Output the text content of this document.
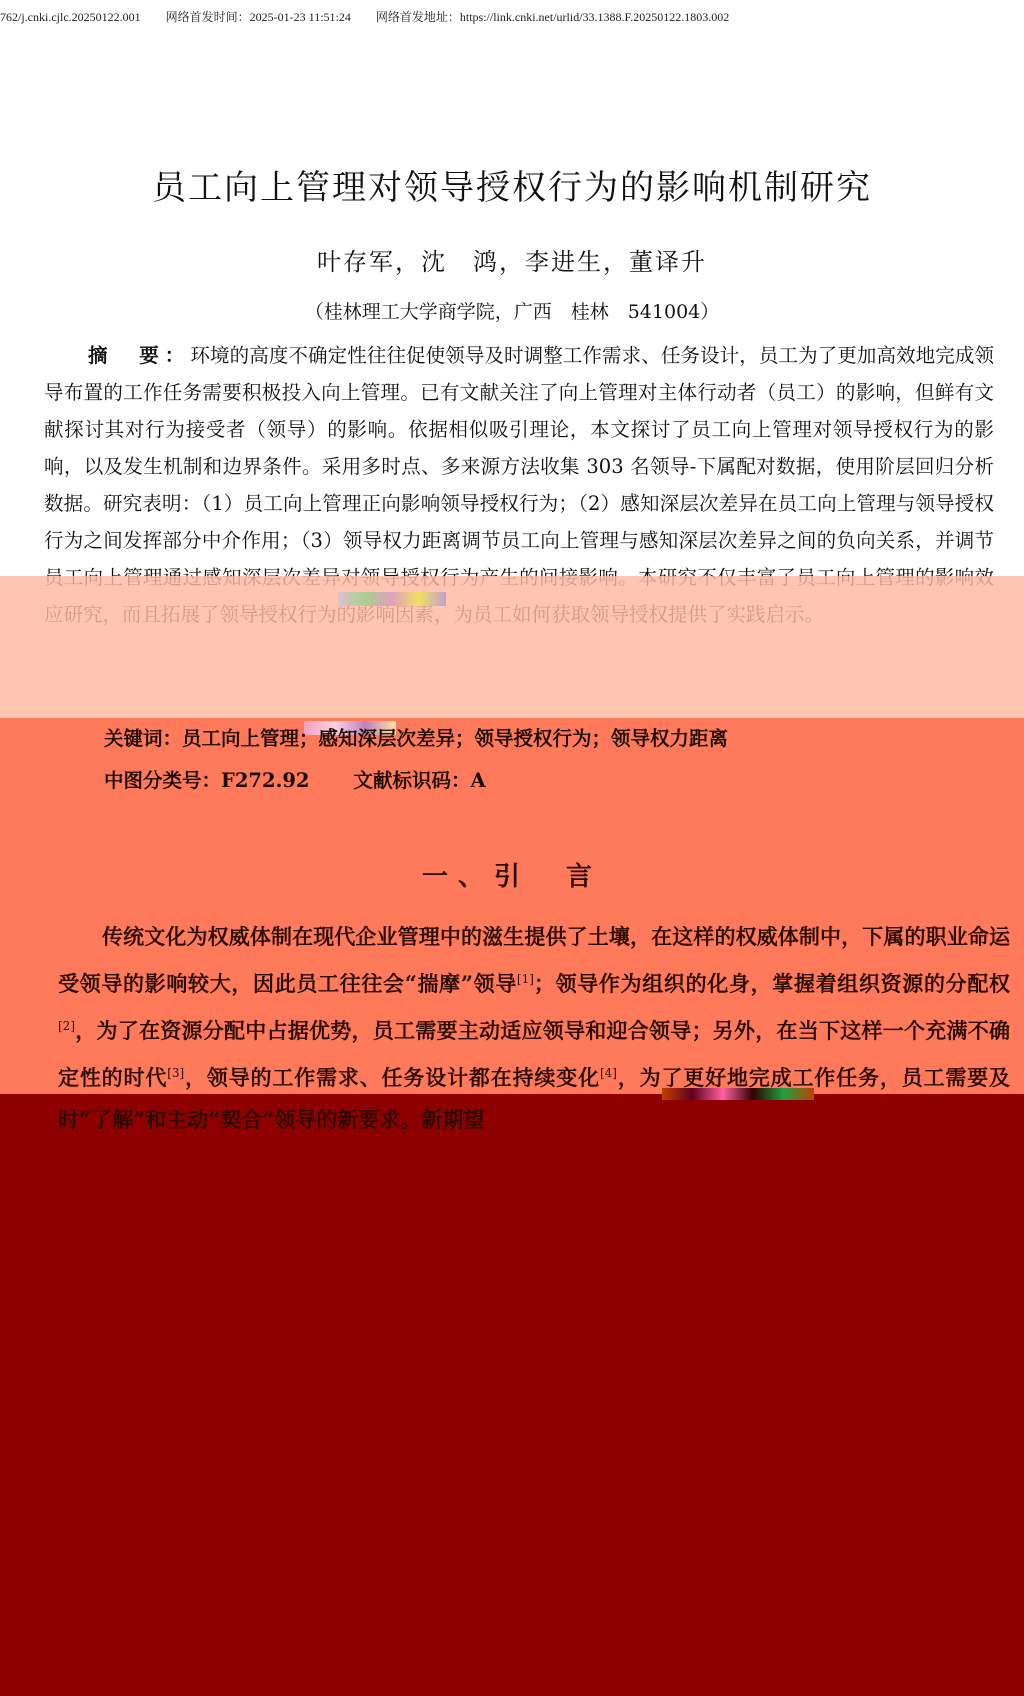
762/j.cnki.cjlc.20250122.001 网络首发时间：2025-01-23 11:51:24 网络首发地址：https://link.cnki.net/urlid/33.1388.F.20250122.1803.002
员工向上管理对领导授权行为的影响机制研究
叶存军，沈　鸿，李进生，董译升
（桂林理工大学商学院，广西　桂林　541004）
摘　要：环境的高度不确定性往往促使领导及时调整工作需求、任务设计，员工为了更加高效地完成领导布置的工作任务需要积极投入向上管理。已有文献关注了向上管理对主体行动者（员工）的影响，但鲜有文献探讨其对行为接受者（领导）的影响。依据相似吸引理论，本文探讨了员工向上管理对领导授权行为的影响，以及发生机制和边界条件。采用多时点、多来源方法收集 303 名领导-下属配对数据，使用阶层回归分析数据。研究表明：（1）员工向上管理正向影响领导授权行为；（2）感知深层次差异在员工向上管理与领导授权行为之间发挥部分中介作用；（3）领导权力距离调节员工向上管理与感知深层次差异之间的负向关系，并调节
关键词：员工向上管理；感知深层次差异；领导授权行为；领导权力距离
中图分类号：F272.92 文献标识码：A
一、引　言
传统文化为权威体制在现代企业管理中的滋生提供了土壤，在这样的权威体制中，下属的职业命运受领导的影响较大，因此员工往往会“揣摩”领导[1]；领导作为组织的化身，掌握着组织资源的分配权[2]，为了在资源分配中占据优势，员工需要主动适应领导和迎合领导；另外，在当下这样一个充满不确定性的时代[3]，领导的工作需求、任务设计都在持续变化[4]，为了更好地完成工作任务，员工需要及时“了解”和主动“契合”领导的新要求。新期望
